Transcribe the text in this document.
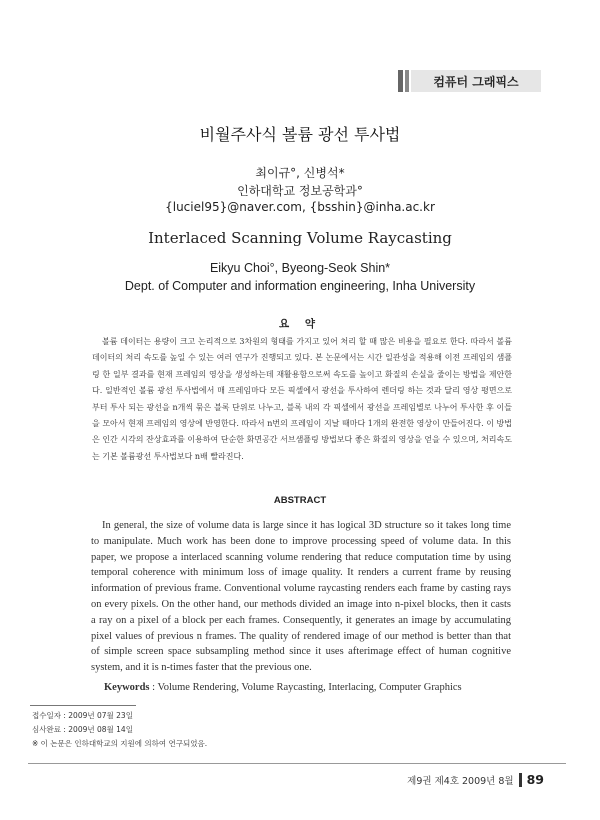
컴퓨터 그래픽스
비월주사식 볼륨 광선 투사법
최이규°, 신병석*
인하대학교 정보공학과°
{luciel95}@naver.com, {bsshin}@inha.ac.kr
Interlaced Scanning Volume Raycasting
Eikyu Choi°, Byeong-Seok Shin*
Dept. of Computer and information engineering, Inha University
요 약

볼륨 데이터는 용량이 크고 논리적으로 3차원의 형태를 가지고 있어 처리 할 때 많은 비용을 필요로 한다. 따라서 볼륨데이터의 처리 속도를 높일 수 있는 여러 연구가 진행되고 있다. 본 논문에서는 시간 일관성을 적용해 이전 프레임의 샘플링 한 일부 결과를 현재 프레임의 영상을 생성하는데 재활용함으로써 속도를 높이고 화질의 손실을 줄이는 방법을 제안한다. 일반적인 볼륨 광선 투사법에서 매 프레임마다 모든 픽셀에서 광선을 투사하여 렌더링 하는 것과 달리 영상 평면으로부터 투사 되는 광선을 n개씩 묶은 블록 단위로 나누고, 블록 내의 각 픽셀에서 광선을 프레임별로 나누어 투사한 후 이들을 모아서 현재 프레임의 영상에 반영한다. 따라서 n번의 프레임이 지날 때마다 1개의 완전한 영상이 만들어진다. 이 방법은 인간 시각의 잔상효과를 이용하여 단순한 화면공간 서브샘플링 방법보다 좋은 화질의 영상을 얻을 수 있으며, 처리속도는 기본 볼륨광선 투사법보다 n배 빨라진다.

ABSTRACT

In general, the size of volume data is large since it has logical 3D structure so it takes long time to manipulate. Much work has been done to improve processing speed of volume data. In this paper, we propose a interlaced scanning volume rendering that reduce computation time by using temporal coherence with minimum loss of image quality. It renders a current frame by reusing information of previous frame. Conventional volume raycasting renders each frame by casting rays on every pixels. On the other hand, our methods divided an image into n-pixel blocks, then it casts a ray on a pixel of a block per each frames. Consequently, it generates an image by accumulating pixel values of previous n frames. The quality of rendered image of our method is better than that of simple screen space subsampling method since it uses afterimage effect of human cognitive system, and it is n-times faster that the previous one.

Keywords : Volume Rendering, Volume Raycasting, Interlacing, Computer Graphics
접수일자 : 2009년 07월 23일
심사완료 : 2009년 08월 14일
※ 이 논문은 인하대학교의 지원에 의하여 연구되었음.
제9권 제4호 2009년 8월 89
